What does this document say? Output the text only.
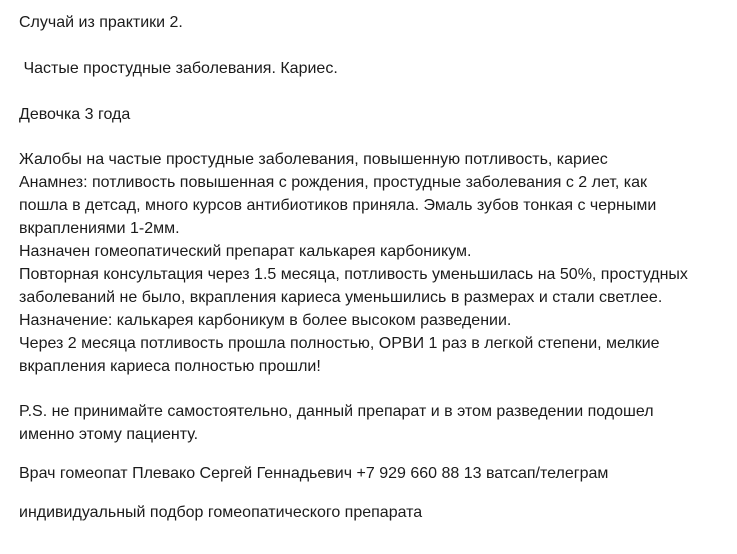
Случай из практики 2.
Частые простудные заболевания. Кариес.
Девочка 3 года
Жалобы на частые простудные заболевания, повышенную потливость, кариес
Анамнез: потливость повышенная с рождения, простудные заболевания с 2 лет, как
пошла в детсад, много курсов антибиотиков приняла. Эмаль зубов тонкая с черными
вкраплениями 1-2мм.
Назначен гомеопатический препарат калькарея карбоникум.
Повторная консультация через 1.5 месяца, потливость уменьшилась на 50%, простудных
заболеваний не было, вкрапления кариеса уменьшились в размерах и стали светлее.
Назначение: калькарея карбоникум в более высоком разведении.
Через 2 месяца потливость прошла полностью, ОРВИ 1 раз в легкой степени, мелкие
вкрапления кариеса полностью прошли!
P.S. не принимайте самостоятельно, данный препарат и в этом разведении подошел
именно этому пациенту.
Врач гомеопат Плевако Сергей Геннадьевич +7 929 660 88 13 ватсап/телеграм
индивидуальный подбор гомеопатического препарата
